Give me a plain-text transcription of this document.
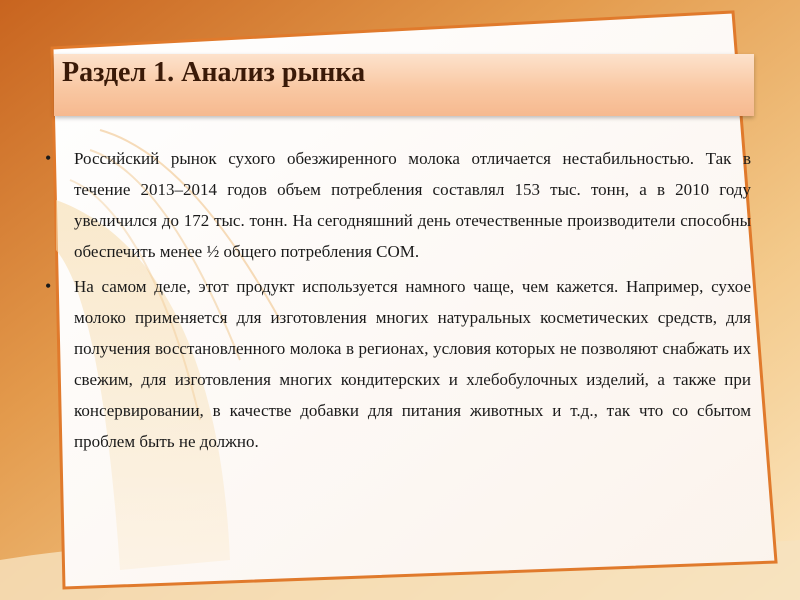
Раздел 1. Анализ рынка
• Российский рынок сухого обезжиренного молока отличается нестабильностью. Так в течение 2013–2014 годов объем потребления составлял 153 тыс. тонн, а в 2010 году увеличился до 172 тыс. тонн. На сегодняшний день отечественные производители способны обеспечить менее ½ общего потребления СОМ.

• На самом деле, этот продукт используется намного чаще, чем кажется. Например, сухое молоко применяется для изготовления многих натуральных косметических средств, для получения восстановленного молока в регионах, условия которых не позволяют снабжать их свежим, для изготовления многих кондитерских и хлебобулочных изделий, а также при консервировании, в качестве добавки для питания животных и т.д., так что со сбытом проблем быть не должно.
